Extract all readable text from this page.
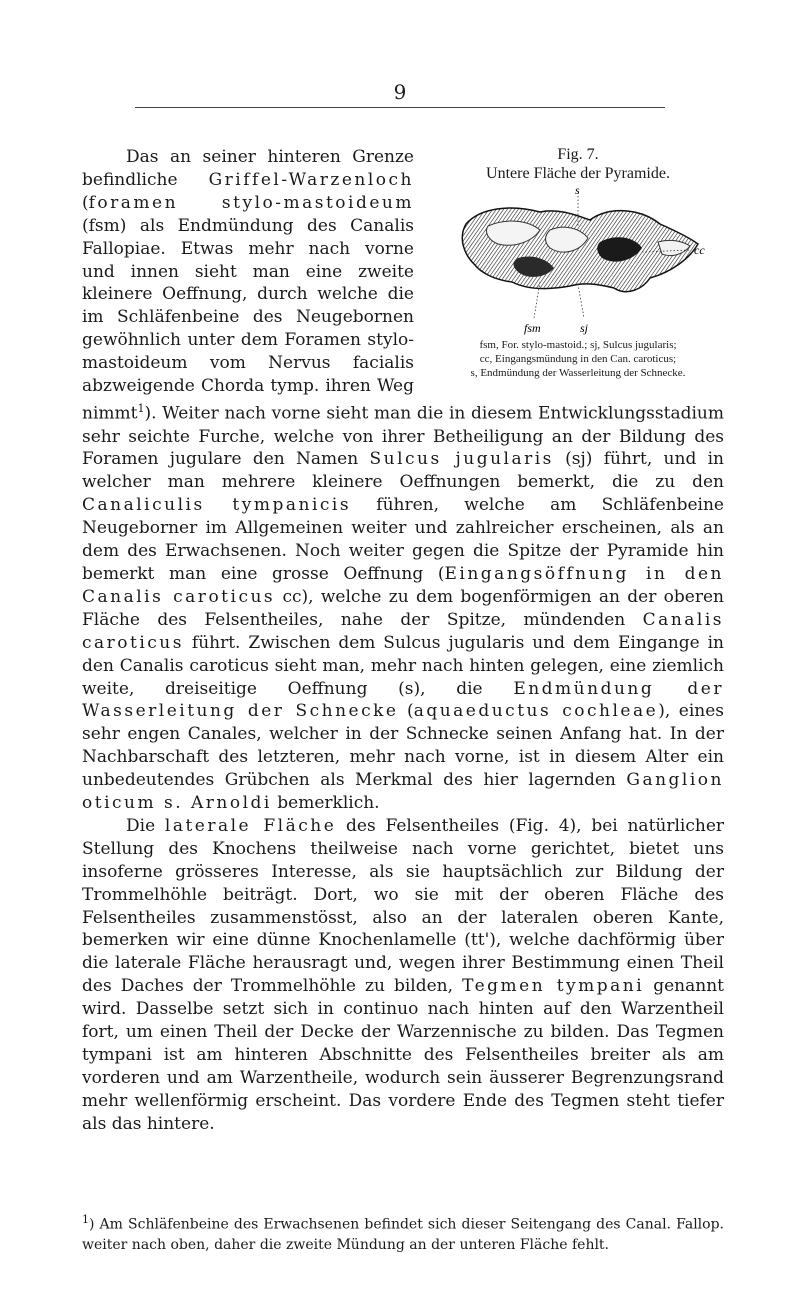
9
Fig. 7.
Untere Fläche der Pyramide.
s
cc
fsm	sj
fsm, For. stylo-mastoid.; sj, Sulcus jugularis;
cc, Eingangsmündung in den Can. caroticus;
s, Endmündung der Wasserleitung der Schnecke.

Das an seiner hinteren Grenze befindliche Griffel-Warzenloch (foramen stylo-mastoideum (fsm) als Endmündung des Canalis Fallopiae. Etwas mehr nach vorne und innen sieht man eine zweite kleinere Oeffnung, durch welche die im Schläfenbeine des Neugebornen gewöhnlich unter dem Foramen stylo-mastoideum vom Nervus facialis abzweigende Chorda tymp. ihren Weg nimmt$^1$). Weiter nach vorne sieht man die in diesem Entwicklungsstadium sehr seichte Furche, welche von ihrer Betheiligung an der Bildung des Foramen jugulare den Namen Sulcus jugularis (sj) führt, und in welcher man mehrere kleinere Oeffnungen bemerkt, die zu den Canaliculis tympanicis führen, welche am Schläfenbeine Neugeborner im Allgemeinen weiter und zahlreicher erscheinen, als an dem des Erwachsenen. Noch weiter gegen die Spitze der Pyramide hin bemerkt man eine grosse Oeffnung (Eingangsöffnung in den Canalis caroticus cc), welche zu dem bogenförmigen an der oberen Fläche des Felsentheiles, nahe der Spitze, mündenden Canalis caroticus führt. Zwischen dem Sulcus jugularis und dem Eingange in den Canalis caroticus sieht man, mehr nach hinten gelegen, eine ziemlich weite, dreiseitige Oeffnung (s), die Endmündung der Wasserleitung der Schnecke (aquaeductus cochleae), eines sehr engen Canales, welcher in der Schnecke seinen Anfang hat. In der Nachbarschaft des letzteren, mehr nach vorne, ist in diesem Alter ein unbedeutendes Grübchen als Merkmal des hier lagernden Ganglion oticum s. Arnoldi bemerklich.

Die laterale Fläche des Felsentheiles (Fig. 4), bei natürlicher Stellung des Knochens theilweise nach vorne gerichtet, bietet uns insoferne grösseres Interesse, als sie hauptsächlich zur Bildung der Trommelhöhle beiträgt. Dort, wo sie mit der oberen Fläche des Felsentheiles zusammenstösst, also an der lateralen oberen Kante, bemerken wir eine dünne Knochenlamelle (tt'), welche dachförmig über die laterale Fläche herausragt und, wegen ihrer Bestimmung einen Theil des Daches der Trommelhöhle zu bilden, Tegmen tympani genannt wird. Dasselbe setzt sich in continuo nach hinten auf den Warzentheil fort, um einen Theil der Decke der Warzennische zu bilden. Das Tegmen tympani ist am hinteren Abschnitte des Felsentheiles breiter als am vorderen und am Warzentheile, wodurch sein äusserer Begrenzungsrand mehr wellenförmig erscheint. Das vordere Ende des Tegmen steht tiefer als das hintere.

$^1$) Am Schläfenbeine des Erwachsenen befindet sich dieser Seitengang des Canal. Fallop. weiter nach oben, daher die zweite Mündung an der unteren Fläche fehlt.
